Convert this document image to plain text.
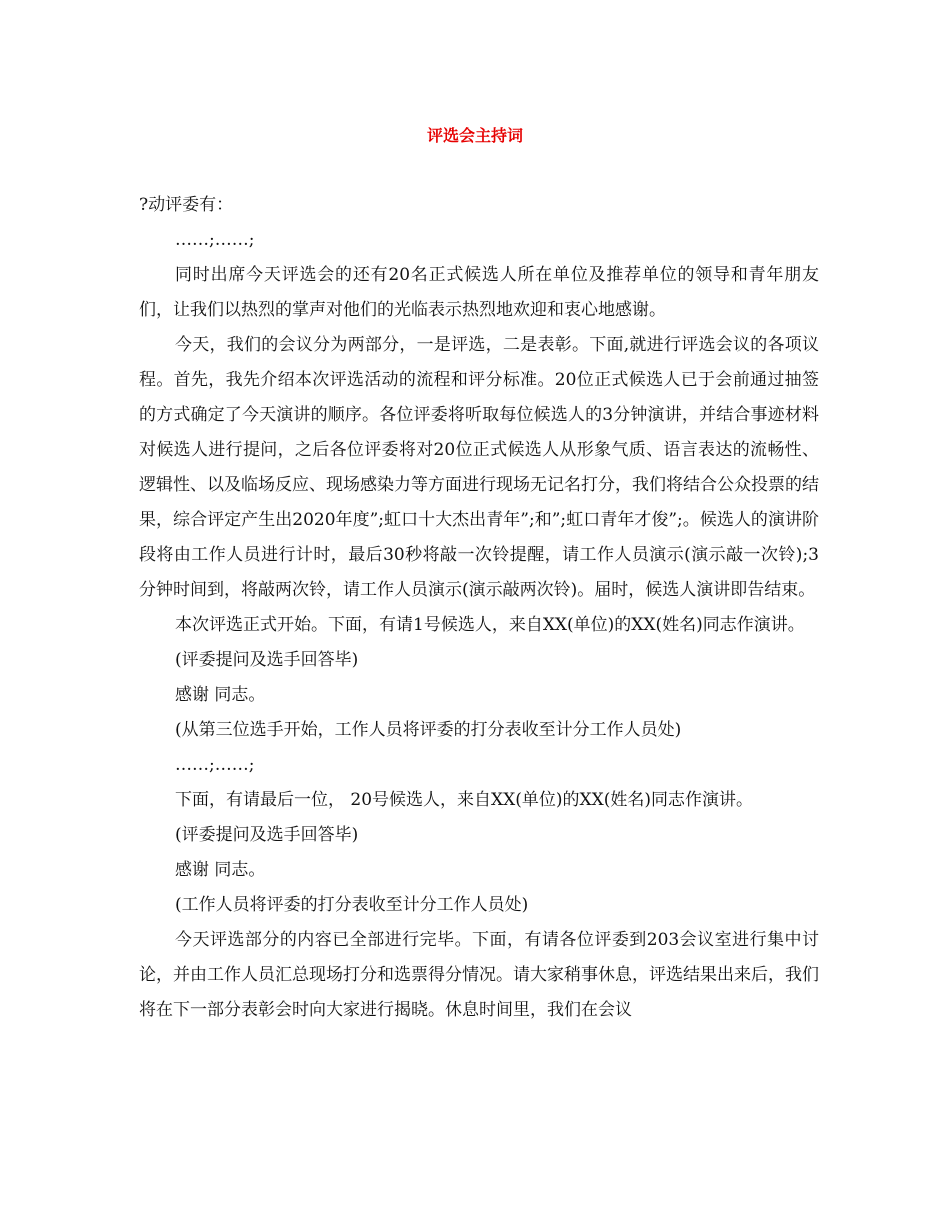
评选会主持词

?动评委有：

……;……;

同时出席今天评选会的还有20名正式候选人所在单位及推荐单位的领导和青年朋友们，让我们以热烈的掌声对他们的光临表示热烈地欢迎和衷心地感谢。

今天，我们的会议分为两部分，一是评选，二是表彰。下面,就进行评选会议的各项议程。首先，我先介绍本次评选活动的流程和评分标准。20位正式候选人已于会前通过抽签的方式确定了今天演讲的顺序。各位评委将听取每位候选人的3分钟演讲，并结合事迹材料对候选人进行提问，之后各位评委将对20位正式候选人从形象气质、语言表达的流畅性、逻辑性、以及临场反应、现场感染力等方面进行现场无记名打分，我们将结合公众投票的结果，综合评定产生出2020年度”;虹口十大杰出青年”;和”;虹口青年才俊”;。候选人的演讲阶段将由工作人员进行计时，最后30秒将敲一次铃提醒，请工作人员演示(演示敲一次铃);3分钟时间到，将敲两次铃，请工作人员演示(演示敲两次铃)。届时，候选人演讲即告结束。

本次评选正式开始。下面，有请1号候选人，来自XX(单位)的XX(姓名)同志作演讲。

(评委提问及选手回答毕)

感谢 同志。

(从第三位选手开始，工作人员将评委的打分表收至计分工作人员处)

……;……;

下面，有请最后一位， 20号候选人，来自XX(单位)的XX(姓名)同志作演讲。

(评委提问及选手回答毕)

感谢 同志。

(工作人员将评委的打分表收至计分工作人员处)

今天评选部分的内容已全部进行完毕。下面，有请各位评委到203会议室进行集中讨论，并由工作人员汇总现场打分和选票得分情况。请大家稍事休息，评选结果出来后，我们将在下一部分表彰会时向大家进行揭晓。休息时间里，我们在会议
